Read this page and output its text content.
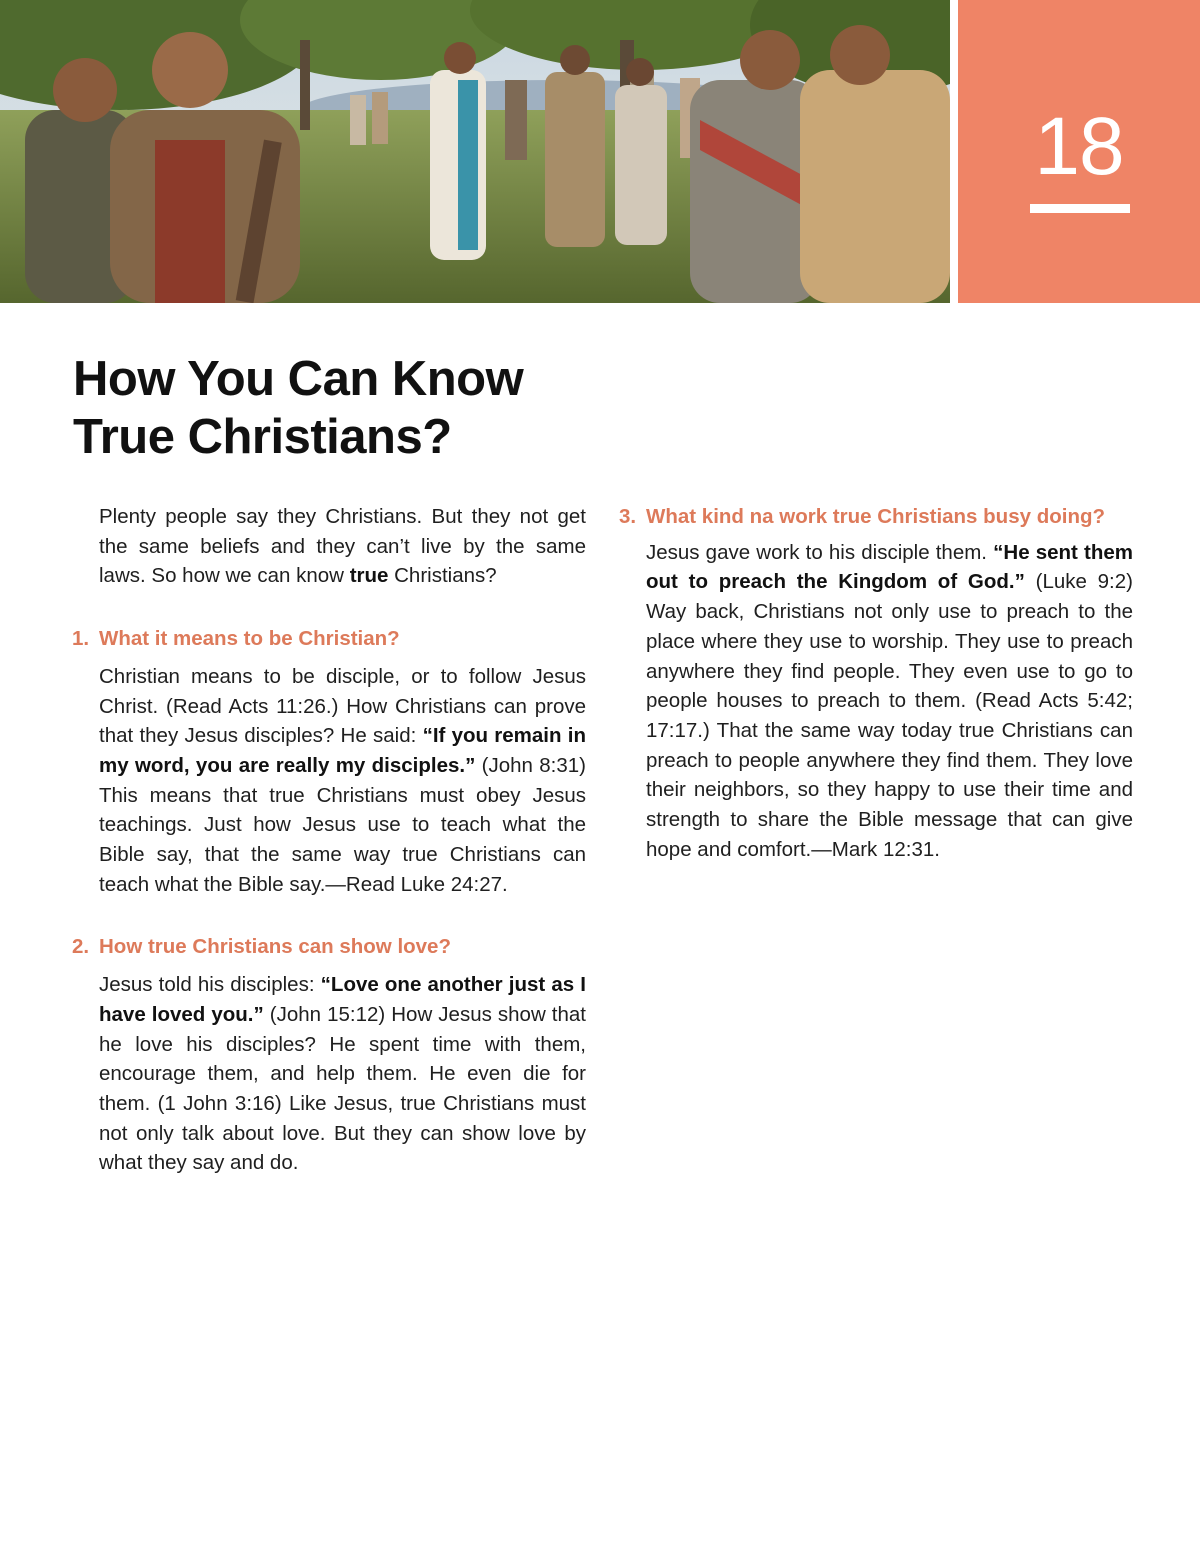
18
How You Can Know
True Christians?

Plenty people say they Christians. But they not get the same beliefs and they can’t live by the same laws. So how we can know true Christians?

1. What it means to be Christian?

Christian means to be disciple, or to follow Jesus Christ. (Read Acts 11:26.) How Christians can prove that they Jesus disciples? He said: “If you remain in my word, you are really my disciples.” (John 8:31) This means that true Christians must obey Jesus teachings. Just how Jesus use to teach what the Bible say, that the same way true Christians can teach what the Bible say.—Read Luke 24:27.

2. How true Christians can show love?

Jesus told his disciples: “Love one another just as I have loved you.” (John 15:12) How Jesus show that he love his disciples? He spent time with them, encourage them, and help them. He even die for them. (1 John 3:16) Like Jesus, true Christians must not only talk about love. But they can show love by what they say and do.

3. What kind na work true Christians busy doing?

Jesus gave work to his disciple them. “He sent them out to preach the Kingdom of God.” (Luke 9:2) Way back, Christians not only use to preach to the place where they use to worship. They use to preach anywhere they find people. They even use to go to people houses to preach to them. (Read Acts 5:42; 17:17.) That the same way today true Christians can preach to people anywhere they find them. They love their neighbors, so they happy to use their time and strength to share the Bible message that can give hope and comfort.—Mark 12:31.
